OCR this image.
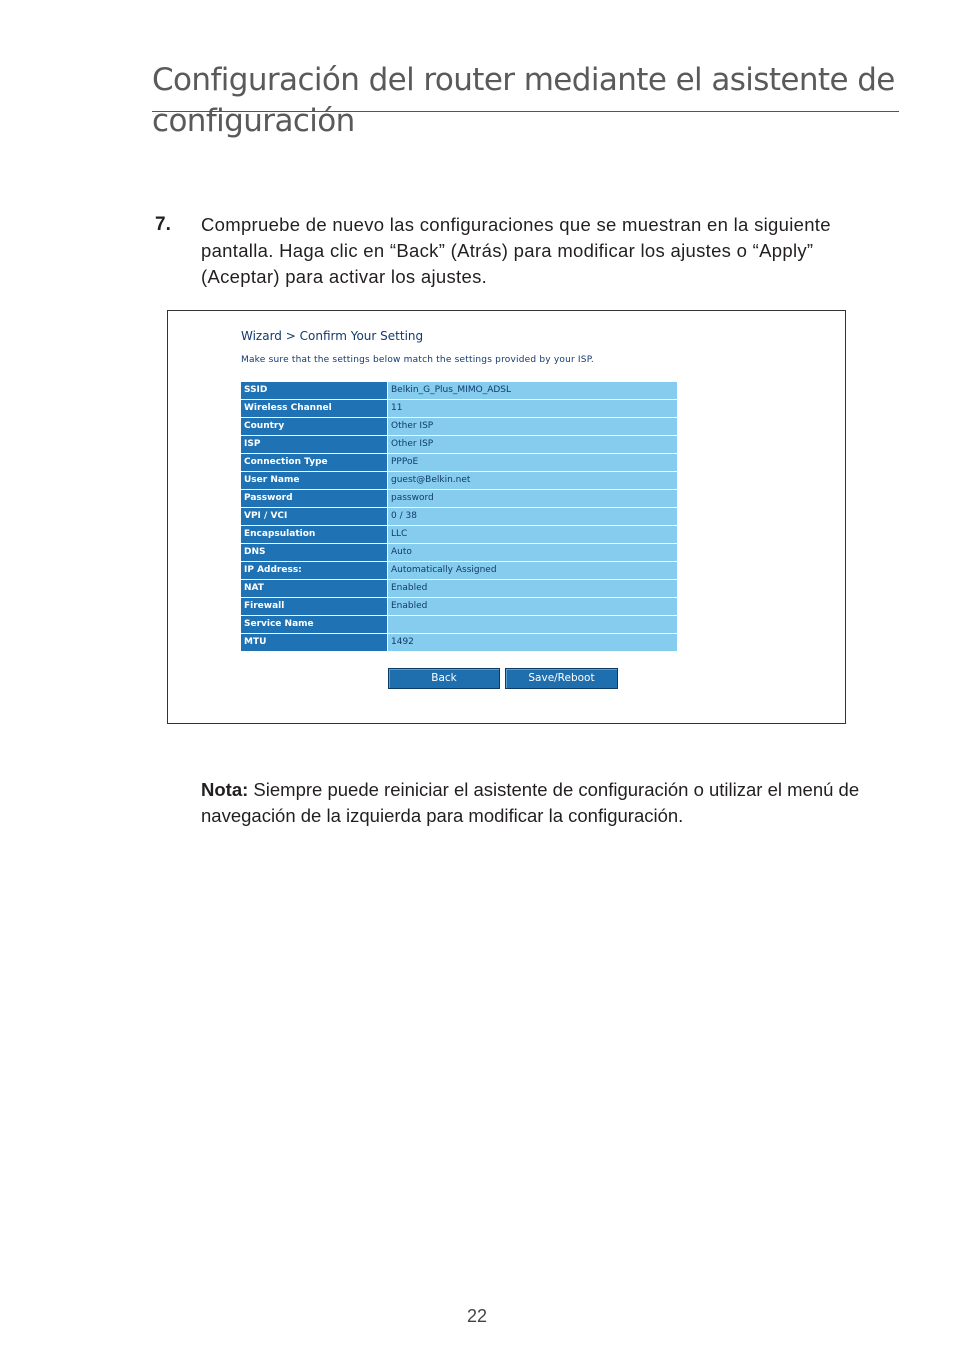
Configuración del router mediante el asistente de configuración
7. Compruebe de nuevo las configuraciones que se muestran en la siguiente pantalla. Haga clic en “Back” (Atrás) para modificar los ajustes o “Apply” (Aceptar) para activar los ajustes.

Wizard > Confirm Your Setting

Make sure that the settings below match the settings provided by your ISP.

SSID	Belkin_G_Plus_MIMO_ADSL
Wireless Channel	11
Country	Other ISP
ISP	Other ISP
Connection Type	PPPoE
User Name	guest@Belkin.net
Password	password
VPI / VCI	0 / 38
Encapsulation	LLC
DNS	Auto
IP Address:	Automatically Assigned
NAT	Enabled
Firewall	Enabled
Service Name	
MTU	1492
Back	Save/Reboot

Nota: Siempre puede reiniciar el asistente de configuración o utilizar el menú de navegación de la izquierda para modificar la configuración.

22
